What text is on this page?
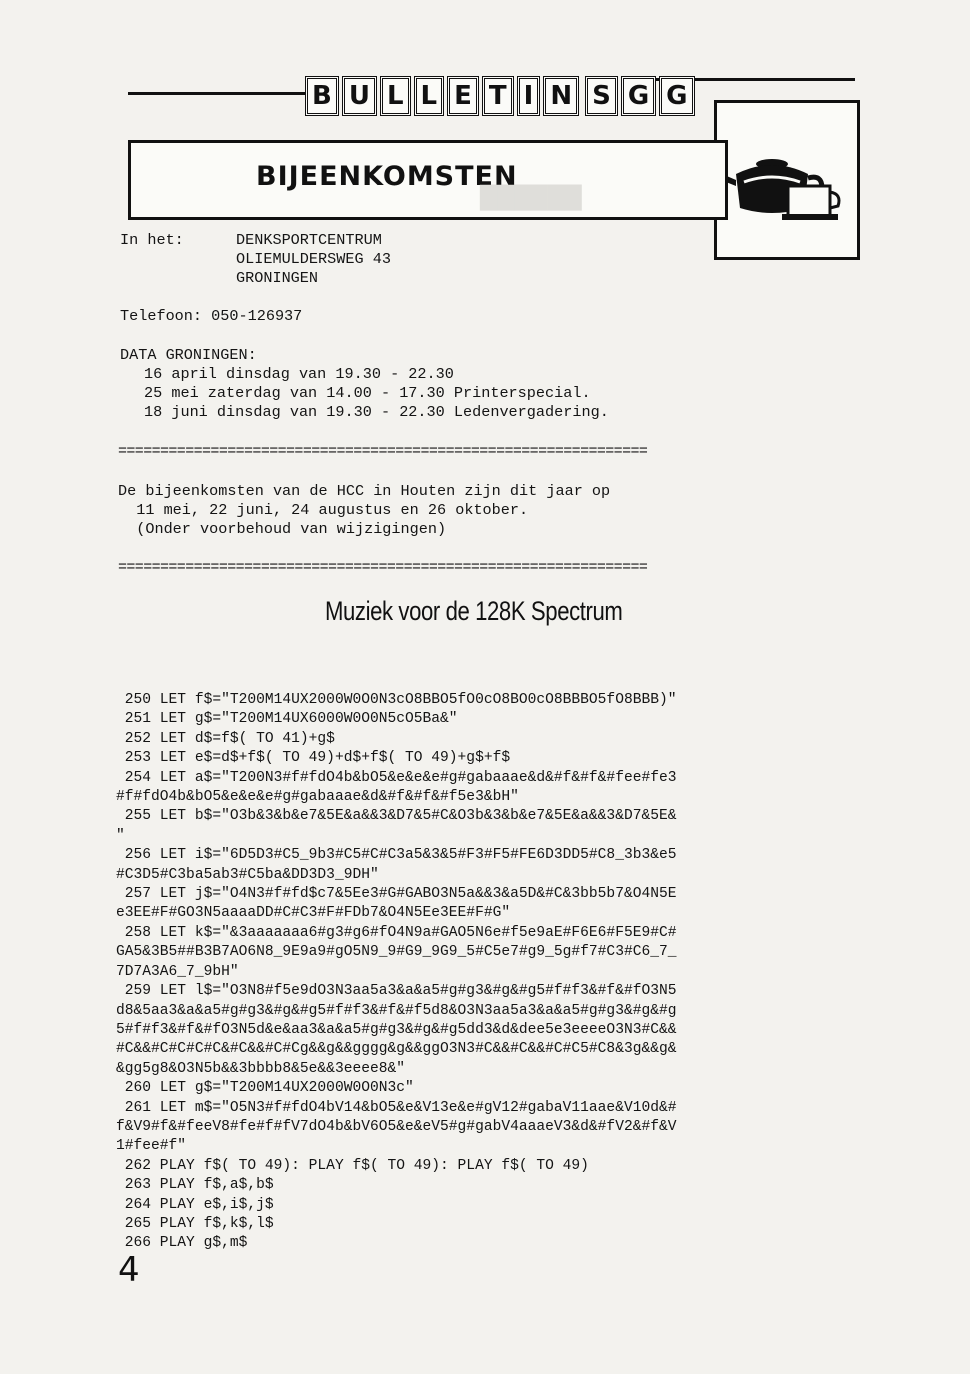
B U L L E T I N S G G
BIJEENKOMSTEN
██████
In het:	DENKSPORTCENTRUM
OLIEMULDERSWEG 43
GRONINGEN
Telefoon: 050-126937
DATA GRONINGEN:
16 april dinsdag van 19.30 - 22.30
25 mei zaterdag van 14.00 - 17.30 Printerspecial.
18 juni dinsdag van 19.30 - 22.30 Ledenvergadering.
===============================================================
De bijeenkomsten van de HCC in Houten zijn dit jaar op
11 mei, 22 juni, 24 augustus en 26 oktober.
(Onder voorbehoud van wijzigingen)
===============================================================
Muziek voor de 128K Spectrum
250 LET f$="T200M14UX2000W0O0N3cO8BBO5fO0cO8BO0cO8BBBO5fO8BBB)"
251 LET g$="T200M14UX6000W0O0N5cO5Ba&"
252 LET d$=f$( TO 41)+g$
253 LET e$=d$+f$( TO 49)+d$+f$( TO 49)+g$+f$
254 LET a$="T200N3#f#fdO4b&bO5&e&e&e#g#gabaaae&d&#f&#f&#fee#fe3
#f#fdO4b&bO5&e&e&e#g#gabaaae&d&#f&#f&#f5e3&bH"
255 LET b$="O3b&3&b&e7&5E&a&&3&D7&5#C&O3b&3&b&e7&5E&a&&3&D7&5E&
"
256 LET i$="6D5D3#C5_9b3#C5#C#C3a5&3&5#F3#F5#FE6D3DD5#C8_3b3&e5
#C3D5#C3ba5ab3#C5ba&DD3D3_9DH"
257 LET j$="O4N3#f#fd$c7&5Ee3#G#GABO3N5a&&3&a5D&#C&3bb5b7&O4N5E
e3EE#F#GO3N5aaaaDD#C#C3#F#FDb7&O4N5Ee3EE#F#G"
258 LET k$="&3aaaaaaa6#g3#g6#fO4N9a#GAO5N6e#f5e9aE#F6E6#F5E9#C#
GA5&3B5##B3B7AO6N8_9E9a9#gO5N9_9#G9_9G9_5#C5e7#g9_5g#f7#C3#C6_7_
7D7A3A6_7_9bH"
259 LET l$="O3N8#f5e9dO3N3aa5a3&a&a5#g#g3&#g&#g5#f#f3&#f&#fO3N5
d8&5aa3&a&a5#g#g3&#g&#g5#f#f3&#f&#f5d8&O3N3aa5a3&a&a5#g#g3&#g&#g
5#f#f3&#f&#fO3N5d&e&aa3&a&a5#g#g3&#g&#g5dd3&d&dee5e3eeeeO3N3#C&&
#C&&#C#C#C#C&#C&&#C#Cg&&g&&gggg&g&&ggO3N3#C&&#C&&#C#C5#C8&3g&&g&
&gg5g8&O3N5b&&3bbbb8&5e&&3eeee8&"
260 LET g$="T200M14UX2000W0O0N3c"
261 LET m$="O5N3#f#fdO4bV14&bO5&e&V13e&e#gV12#gabaV11aae&V10d&#
f&V9#f&#feeV8#fe#f#fV7dO4b&bV6O5&e&eV5#g#gabV4aaaeV3&d&#fV2&#f&V
1#fee#f"
262 PLAY f$( TO 49): PLAY f$( TO 49): PLAY f$( TO 49)
263 PLAY f$,a$,b$
264 PLAY e$,i$,j$
265 PLAY f$,k$,l$
266 PLAY g$,m$
4
